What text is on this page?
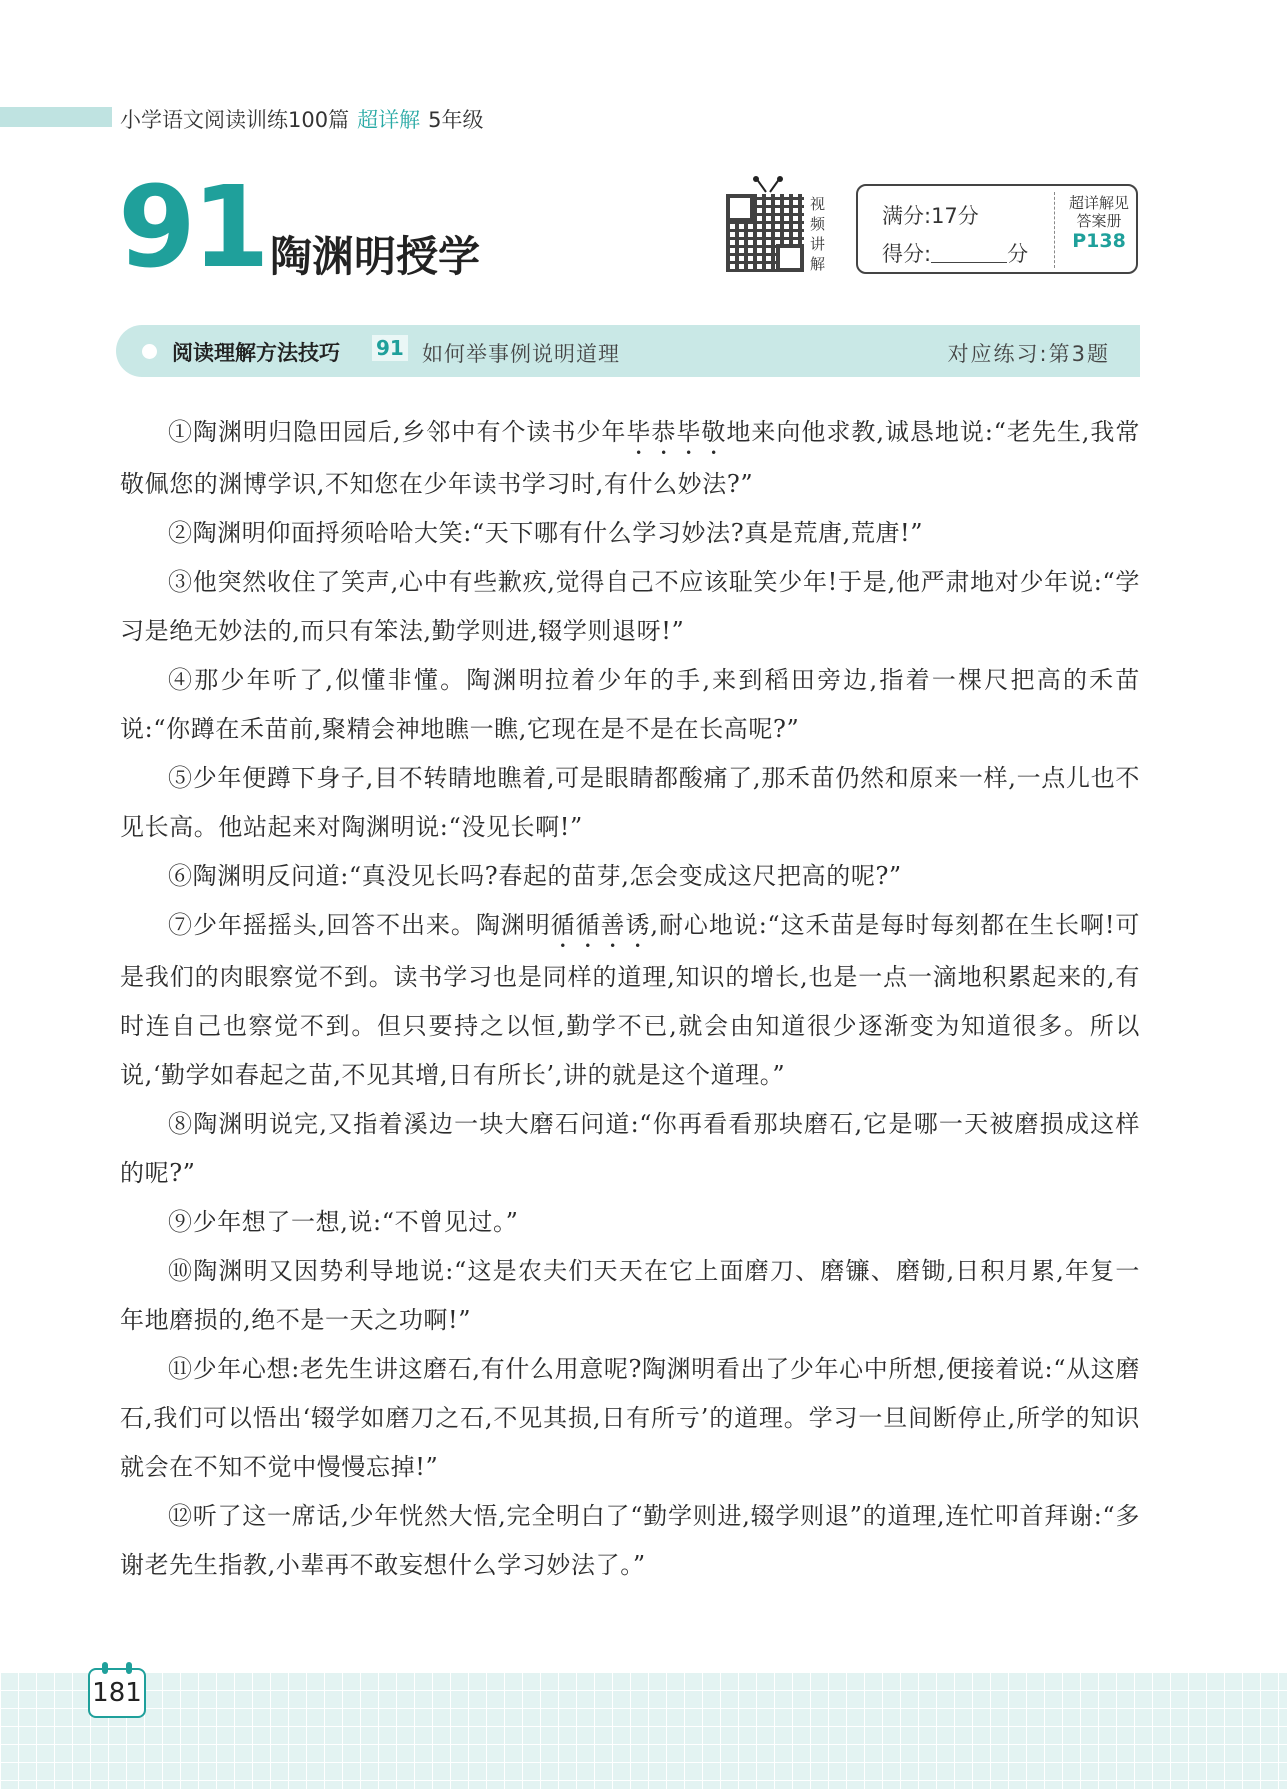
小学语文阅读训练100篇 超详解 5年级
91 陶渊明授学
视频讲解
满分:17分
得分:	分
超详解见
答案册
P138
阅读理解方法技巧 91 如何举事例说明道理	对应练习:第3题

①陶渊明归隐田园后,乡邻中有个读书少年毕恭毕敬地来向他求教,诚恳地说:“老先生,我常敬佩您的渊博学识,不知您在少年读书学习时,有什么妙法?”

②陶渊明仰面捋须哈哈大笑:“天下哪有什么学习妙法?真是荒唐,荒唐!”

③他突然收住了笑声,心中有些歉疚,觉得自己不应该耻笑少年!于是,他严肃地对少年说:“学习是绝无妙法的,而只有笨法,勤学则进,辍学则退呀!”

④那少年听了,似懂非懂。陶渊明拉着少年的手,来到稻田旁边,指着一棵尺把高的禾苗说:“你蹲在禾苗前,聚精会神地瞧一瞧,它现在是不是在长高呢?”

⑤少年便蹲下身子,目不转睛地瞧着,可是眼睛都酸痛了,那禾苗仍然和原来一样,一点儿也不见长高。他站起来对陶渊明说:“没见长啊!”

⑥陶渊明反问道:“真没见长吗?春起的苗芽,怎会变成这尺把高的呢?”

⑦少年摇摇头,回答不出来。陶渊明循循善诱,耐心地说:“这禾苗是每时每刻都在生长啊!可是我们的肉眼察觉不到。读书学习也是同样的道理,知识的增长,也是一点一滴地积累起来的,有时连自己也察觉不到。但只要持之以恒,勤学不已,就会由知道很少逐渐变为知道很多。所以说,‘勤学如春起之苗,不见其增,日有所长’,讲的就是这个道理。”

⑧陶渊明说完,又指着溪边一块大磨石问道:“你再看看那块磨石,它是哪一天被磨损成这样的呢?”

⑨少年想了一想,说:“不曾见过。”

⑩陶渊明又因势利导地说:“这是农夫们天天在它上面磨刀、磨镰、磨锄,日积月累,年复一年地磨损的,绝不是一天之功啊!”

⑪少年心想:老先生讲这磨石,有什么用意呢?陶渊明看出了少年心中所想,便接着说:“从这磨石,我们可以悟出‘辍学如磨刀之石,不见其损,日有所亏’的道理。学习一旦间断停止,所学的知识就会在不知不觉中慢慢忘掉!”

⑫听了这一席话,少年恍然大悟,完全明白了“勤学则进,辍学则退”的道理,连忙叩首拜谢:“多谢老先生指教,小辈再不敢妄想什么学习妙法了。”

181
